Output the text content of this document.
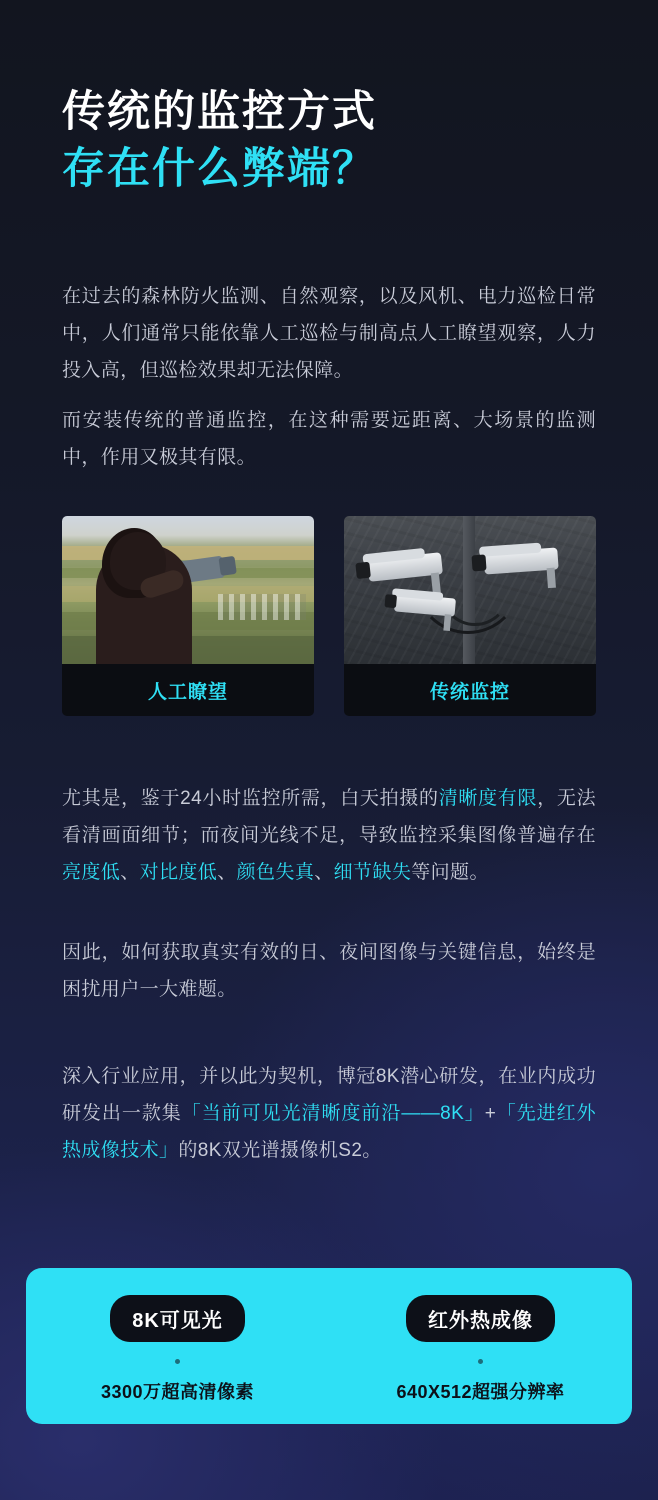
传统的监控方式
存在什么弊端？
在过去的森林防火监测、自然观察，以及风机、电力巡检日常中，人们通常只能依靠人工巡检与制高点人工瞭望观察，人力投入高，但巡检效果却无法保障。
而安装传统的普通监控，在这种需要远距离、大场景的监测中，作用又极其有限。
人工瞭望	传统监控
尤其是，鉴于24小时监控所需，白天拍摄的清晰度有限，无法看清画面细节；而夜间光线不足，导致监控采集图像普遍存在亮度低、对比度低、颜色失真、细节缺失等问题。
因此，如何获取真实有效的日、夜间图像与关键信息，始终是困扰用户一大难题。
深入行业应用，并以此为契机，博冠8K潜心研发，在业内成功研发出一款集「当前可见光清晰度前沿——8K」+「先进红外热成像技术」的8K双光谱摄像机S2。
8K可见光
3300万超高清像素
红外热成像
640X512超强分辨率
